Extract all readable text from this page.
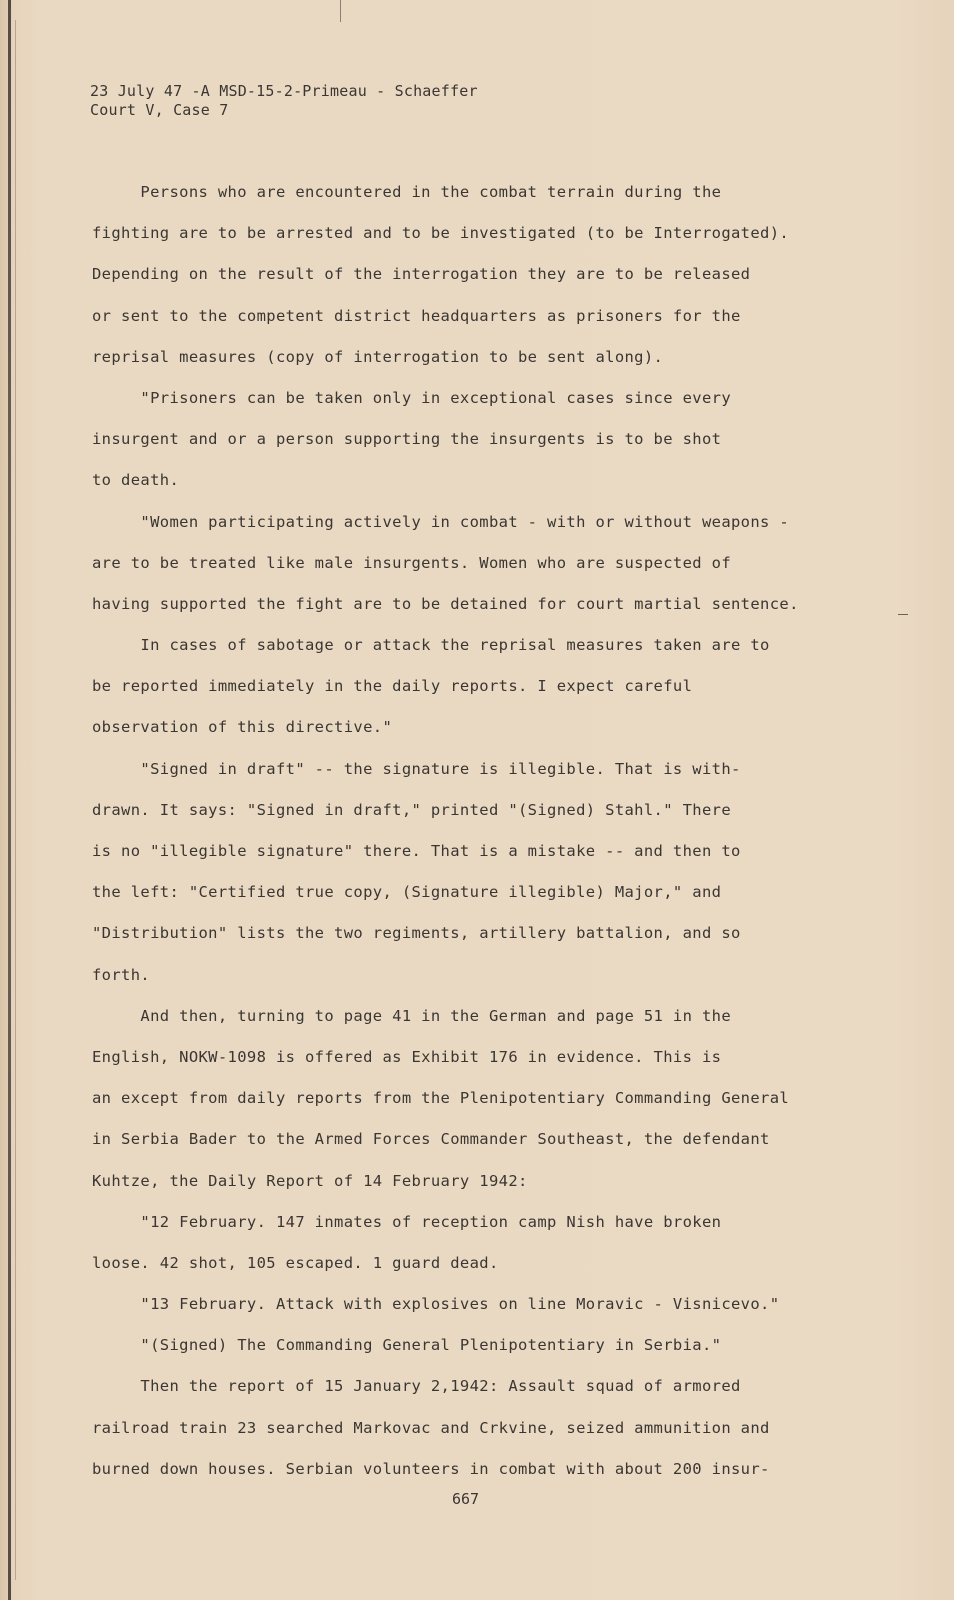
23 July 47 -A MSD-15-2-Primeau - Schaeffer
Court V, Case 7
Persons who are encountered in the combat terrain during the
fighting are to be arrested and to be investigated (to be Interrogated).
Depending on the result of the interrogation they are to be released
or sent to the competent district headquarters as prisoners for the
reprisal measures (copy of interrogation to be sent along).
"Prisoners can be taken only in exceptional cases since every
insurgent and or a person supporting the insurgents is to be shot
to death.
"Women participating actively in combat - with or without weapons -
are to be treated like male insurgents. Women who are suspected of
having supported the fight are to be detained for court martial sentence.
In cases of sabotage or attack the reprisal measures taken are to
be reported immediately in the daily reports. I expect careful
observation of this directive."
"Signed in draft" -- the signature is illegible. That is with-
drawn. It says: "Signed in draft," printed "(Signed) Stahl." There
is no "illegible signature" there. That is a mistake -- and then to
the left: "Certified true copy, (Signature illegible) Major," and
"Distribution" lists the two regiments, artillery battalion, and so
forth.
And then, turning to page 41 in the German and page 51 in the
English, NOKW-1098 is offered as Exhibit 176 in evidence. This is
an except from daily reports from the Plenipotentiary Commanding General
in Serbia Bader to the Armed Forces Commander Southeast, the defendant
Kuhtze, the Daily Report of 14 February 1942:
"12 February. 147 inmates of reception camp Nish have broken
loose. 42 shot, 105 escaped. 1 guard dead.
"13 February. Attack with explosives on line Moravic - Visnicevo."
"(Signed) The Commanding General Plenipotentiary in Serbia."
Then the report of 15 January 2,1942: Assault squad of armored
railroad train 23 searched Markovac and Crkvine, seized ammunition and
burned down houses. Serbian volunteers in combat with about 200 insur-
667
